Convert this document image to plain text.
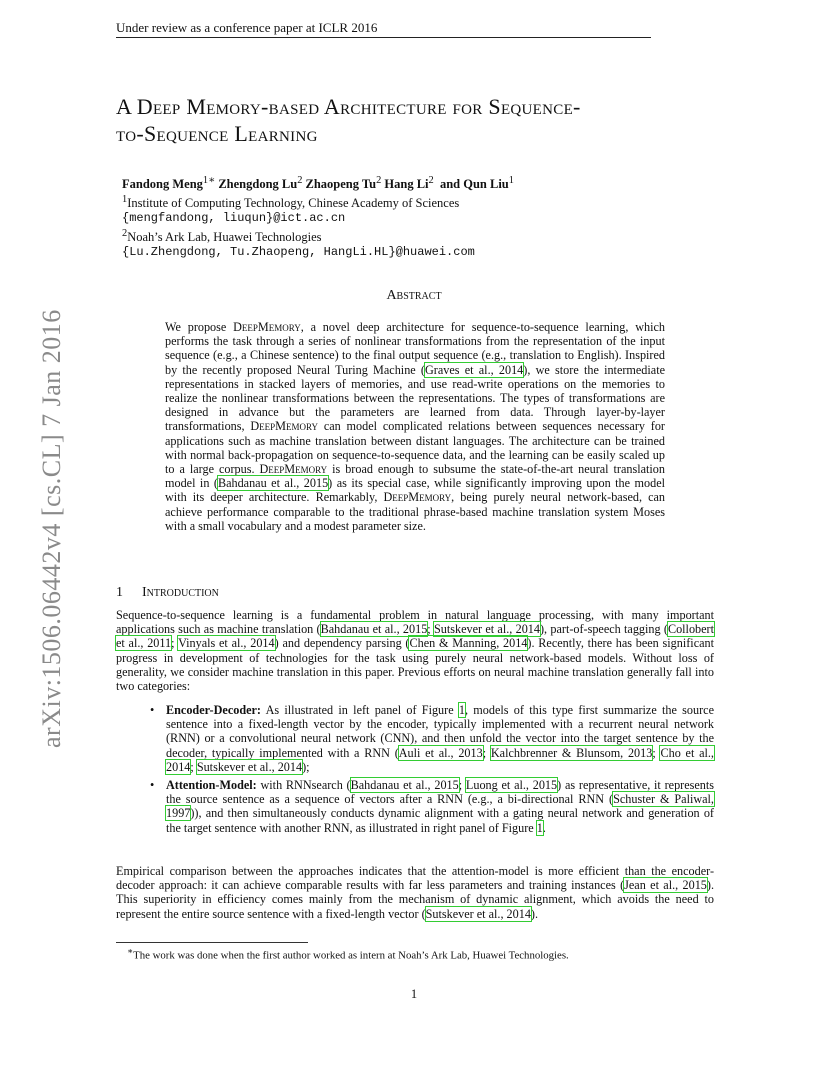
Under review as a conference paper at ICLR 2016
A Deep Memory-based Architecture for Sequence-
to-Sequence Learning
Fandong Meng$^{1∗}$ Zhengdong Lu$^2$ Zhaopeng Tu$^2$ Hang Li$^2$ and Qun Liu$^1$
$^1$Institute of Computing Technology, Chinese Academy of Sciences
{mengfandong, liuqun}@ict.ac.cn
$^2$Noah’s Ark Lab, Huawei Technologies
{Lu.Zhengdong, Tu.Zhaopeng, HangLi.HL}@huawei.com
Abstract
We propose DeepMemory, a novel deep architecture for sequence-to-sequence learning, which performs the task through a series of nonlinear transformations from the representation of the input sequence (e.g., a Chinese sentence) to the final output sequence (e.g., translation to English). Inspired by the recently proposed Neural Turing Machine (Graves et al., 2014), we store the intermediate representations in stacked layers of memories, and use read-write operations on the memories to realize the nonlinear transformations between the representations. The types of transformations are designed in advance but the parameters are learned from data. Through layer-by-layer transformations, DeepMemory can model complicated relations between sequences necessary for applications such as machine translation between distant languages. The architecture can be trained with normal back-propagation on sequence-to-sequence data, and the learning can be easily scaled up to a large corpus. DeepMemory is broad enough to subsume the state-of-the-art neural translation model in (Bahdanau et al., 2015) as its special case, while significantly improving upon the model with its deeper architecture. Remarkably, DeepMemory, being purely neural network-based, can achieve performance comparable to the traditional phrase-based machine translation system Moses with a small vocabulary and a modest parameter size.
1 Introduction
Sequence-to-sequence learning is a fundamental problem in natural language processing, with many important applications such as machine translation (Bahdanau et al., 2015; Sutskever et al., 2014), part-of-speech tagging (Collobert et al., 2011; Vinyals et al., 2014) and dependency parsing (Chen & Manning, 2014). Recently, there has been significant progress in development of technologies for the task using purely neural network-based models. Without loss of generality, we consider machine translation in this paper. Previous efforts on neural machine translation generally fall into two categories:
• Encoder-Decoder: As illustrated in left panel of Figure 1, models of this type first summarize the source sentence into a fixed-length vector by the encoder, typically implemented with a recurrent neural network (RNN) or a convolutional neural network (CNN), and then unfold the vector into the target sentence by the decoder, typically implemented with a RNN (Auli et al., 2013; Kalchbrenner & Blunsom, 2013; Cho et al., 2014; Sutskever et al., 2014);
• Attention-Model: with RNNsearch (Bahdanau et al., 2015; Luong et al., 2015) as representative, it represents the source sentence as a sequence of vectors after a RNN (e.g., a bi-directional RNN (Schuster & Paliwal, 1997)), and then simultaneously conducts dynamic alignment with a gating neural network and generation of the target sentence with another RNN, as illustrated in right panel of Figure 1.
Empirical comparison between the approaches indicates that the attention-model is more efficient than the encoder-decoder approach: it can achieve comparable results with far less parameters and training instances (Jean et al., 2015). This superiority in efficiency comes mainly from the mechanism of dynamic alignment, which avoids the need to represent the entire source sentence with a fixed-length vector (Sutskever et al., 2014).
∗The work was done when the first author worked as intern at Noah’s Ark Lab, Huawei Technologies.
1
arXiv:1506.06442v4 [cs.CL] 7 Jan 2016
